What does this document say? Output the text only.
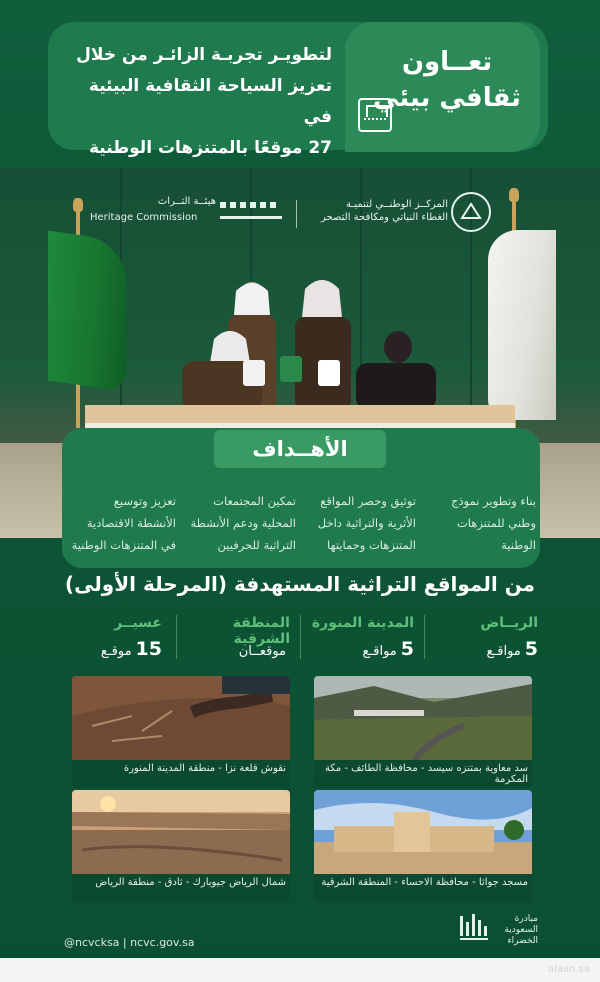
تعــاون
ثقافي بيئي
لتطويـر تجربـة الزائـر من خلال
تعزيز السياحة الثقافية البيئية في
27 موقعًا بالمتنزهات الوطنية
المركــز الوطنــي لتنميـة
الغطاء النباتي ومكافحة التصحر
هيئــة التــراث
Heritage Commission
الأهــداف
بناء وتطوير نموذج
وطني للمتنزهات
الوطنية
توثيق وحصر المواقع
الأثرية والتراثية داخل
المتنزهات وحمايتها
تمكين المجتمعات
المحلية ودعم الأنشطة
التراثية للحرفيين
تعزيز وتوسيع
الأنشطة الاقتصادية
في المتنزهات الوطنية
من المواقع التراثية المستهدفة (المرحلة الأولى)
الريــاض
5مواقـع
المدينة المنورة
5مواقـع
المنطقة الشرقية
موقعــان
عسيــر
15موقـع
سد معاوية بمتنزه سيسد - محافظة الطائف - مكة المكرمة
نقوش قلعة نزا - منطقة المدينة المنورة
مسجد جواثا - محافظة الاحساء - المنطقة الشرقية
شمال الرياض جيوبارك - ثادق - منطقة الرياض
@ncvcksa | ncvc.gov.sa
مبادرة
السعودية
الخضراء
alaan.sa
